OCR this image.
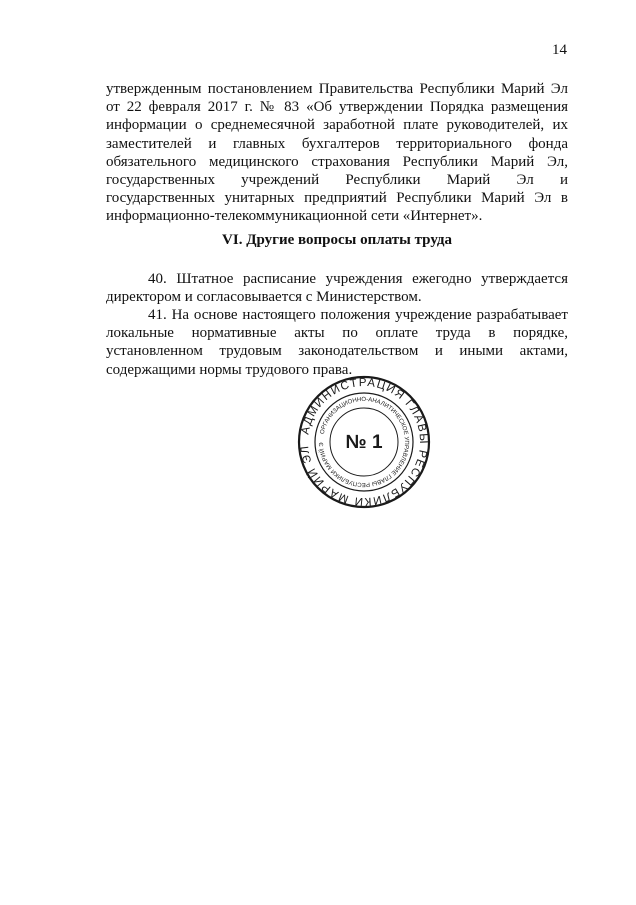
14
утвержденным постановлением Правительства Республики Марий Эл от 22 февраля 2017 г. № 83 «Об утверждении Порядка размещения информации о среднемесячной заработной плате руководителей, их заместителей и главных бухгалтеров территориального фонда обязательного медицинского страхования Республики Марий Эл, государственных учреждений Республики Марий Эл и государственных унитарных предприятий Республики Марий Эл в информационно-телекоммуникационной сети «Интернет».
VI. Другие вопросы оплаты труда
40. Штатное расписание учреждения ежегодно утверждается директором и согласовывается с Министерством.
41. На основе настоящего положения учреждение разрабатывает локальные нормативные акты по оплате труда в порядке, установленном трудовым законодательством и иными актами, содержащими нормы трудового права.
АДМИНИСТРАЦИЯ ГЛАВЫ РЕСПУБЛИКИ МАРИЙ ЭЛ
ОРГАНИЗАЦИОННО-АНАЛИТИЧЕСКОЕ УПРАВЛЕНИЕ ГЛАВЫ РЕСПУБЛИКИ МАРИЙ Э	№ 1
